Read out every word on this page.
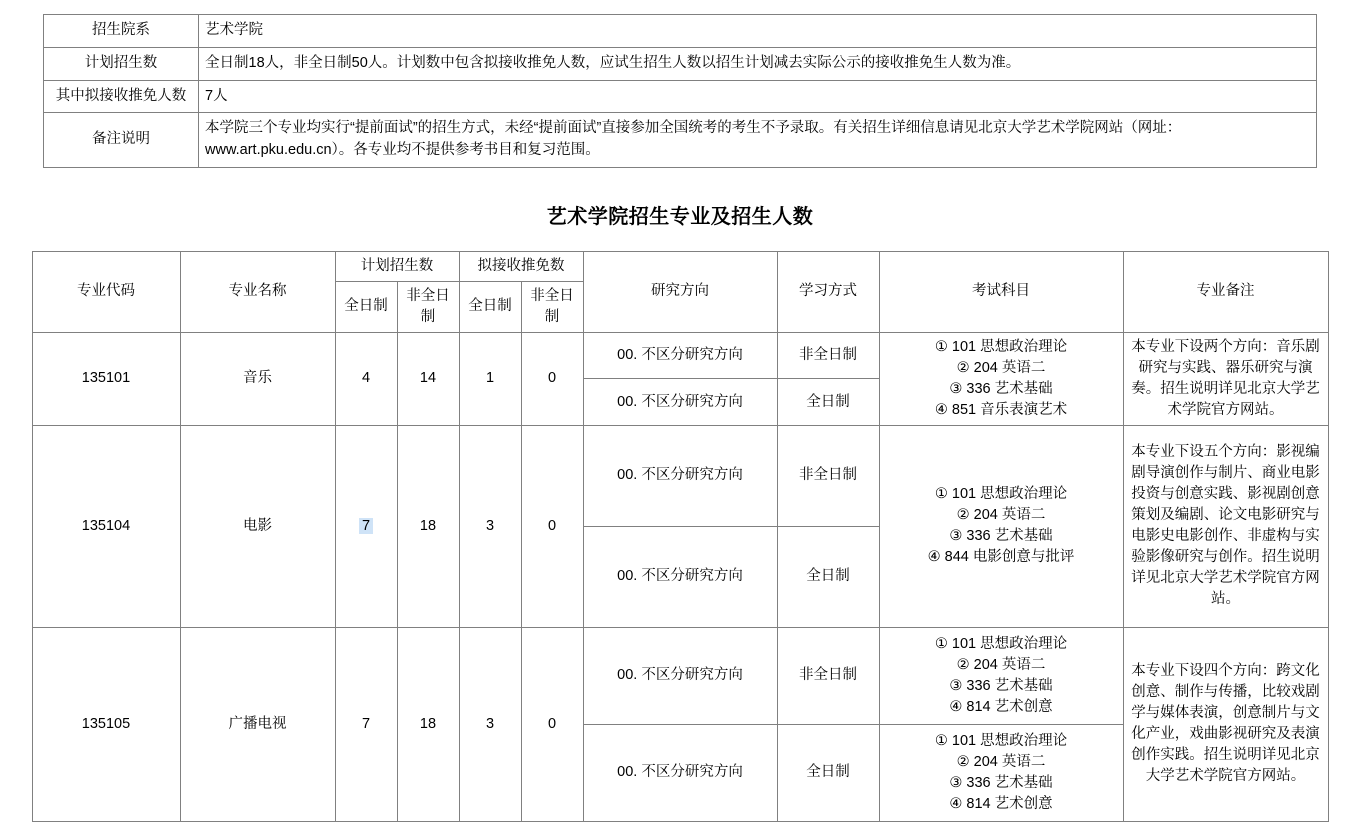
招生院系	艺术学院
计划招生数	全日制18人，非全日制50人。计划数中包含拟接收推免人数，应试生招生人数以招生计划减去实际公示的接收推免生人数为准。
其中拟接收推免人数	7人
备注说明	本学院三个专业均实行“提前面试”的招生方式，未经“提前面试”直接参加全国统考的考生不予录取。有关招生详细信息请见北京大学艺术学院网站（网址：www.art.pku.edu.cn）。各专业均不提供参考书目和复习范围。
艺术学院招生专业及招生人数
专业代码	专业名称	计划招生数		拟接收推免数		研究方向	学习方式	考试科目	专业备注
		全日制	非全日制	全日制	非全日制				
135101	音乐	4	14	1	0	00. 不区分研究方向	非全日制	① 101 思想政治理论
② 204 英语二
③ 336 艺术基础
④ 851 音乐表演艺术	本专业下设两个方向：音乐剧研究与实践、器乐研究与演奏。招生说明详见北京大学艺术学院官方网站。
						00. 不区分研究方向	全日制		
135104	电影	7	18	3	0	00. 不区分研究方向	非全日制	① 101 思想政治理论
② 204 英语二
③ 336 艺术基础
④ 844 电影创意与批评	本专业下设五个方向：影视编剧导演创作与制片、商业电影投资与创意实践、影视剧创意策划及编剧、论文电影研究与电影史电影创作、非虚构与实验影像研究与创作。招生说明详见北京大学艺术学院官方网站。
						00. 不区分研究方向	全日制		
135105	广播电视	7	18	3	0	00. 不区分研究方向	非全日制	① 101 思想政治理论
② 204 英语二
③ 336 艺术基础
④ 814 艺术创意	本专业下设四个方向：跨文化创意、制作与传播，比较戏剧学与媒体表演，创意制片与文化产业，戏曲影视研究及表演创作实践。招生说明详见北京大学艺术学院官方网站。
						00. 不区分研究方向	全日制	① 101 思想政治理论
② 204 英语二
③ 336 艺术基础
④ 814 艺术创意	
